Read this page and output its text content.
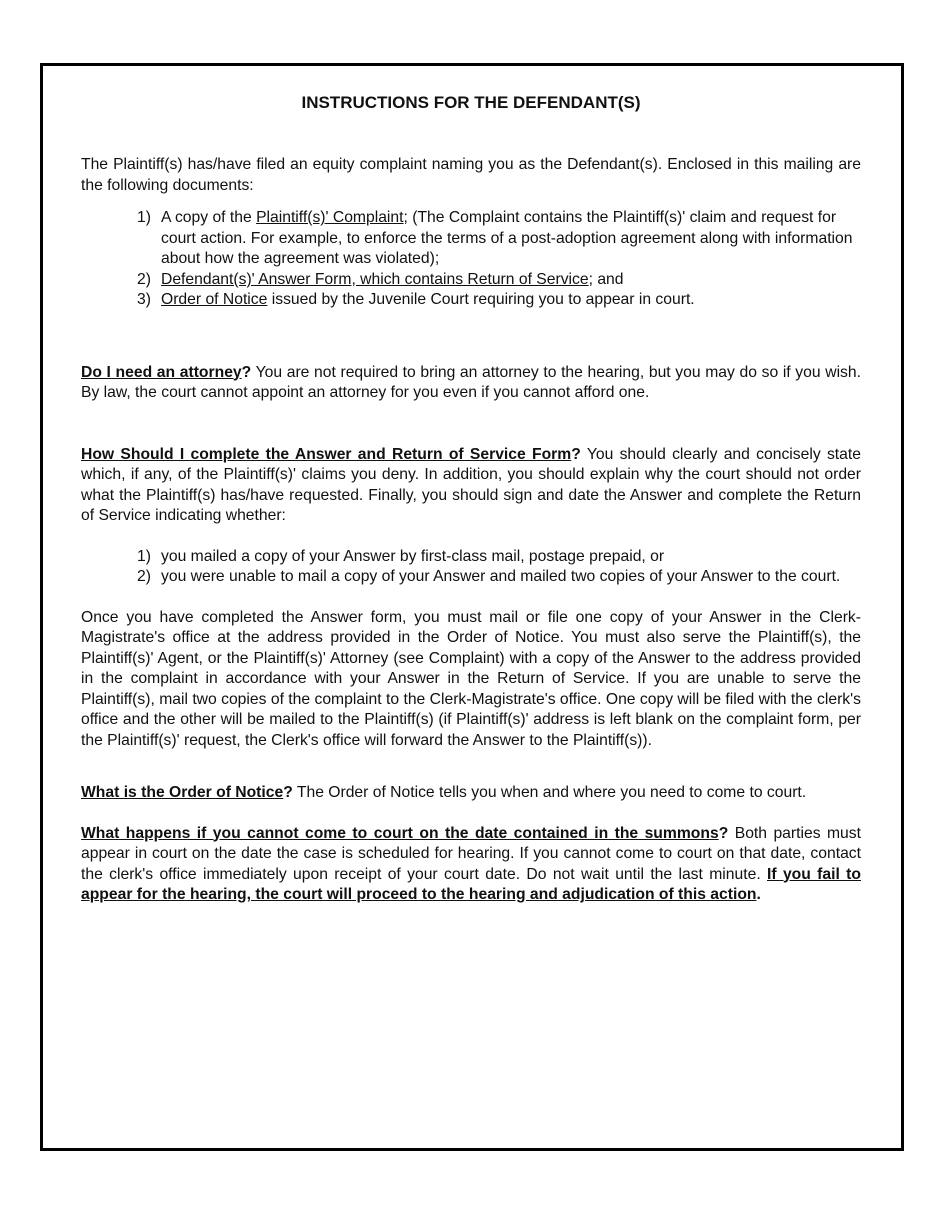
INSTRUCTIONS FOR THE DEFENDANT(S)

The Plaintiff(s) has/have filed an equity complaint naming you as the Defendant(s). Enclosed in this mailing are the following documents:

1) A copy of the Plaintiff(s)' Complaint; (The Complaint contains the Plaintiff(s)' claim and request for court action. For example, to enforce the terms of a post-adoption agreement along with information about how the agreement was violated);
2) Defendant(s)' Answer Form, which contains Return of Service; and
3) Order of Notice issued by the Juvenile Court requiring you to appear in court.

Do I need an attorney? You are not required to bring an attorney to the hearing, but you may do so if you wish. By law, the court cannot appoint an attorney for you even if you cannot afford one.

How Should I complete the Answer and Return of Service Form? You should clearly and concisely state which, if any, of the Plaintiff(s)' claims you deny. In addition, you should explain why the court should not order what the Plaintiff(s) has/have requested. Finally, you should sign and date the Answer and complete the Return of Service indicating whether:

1) you mailed a copy of your Answer by first-class mail, postage prepaid, or
2) you were unable to mail a copy of your Answer and mailed two copies of your Answer to the court.

Once you have completed the Answer form, you must mail or file one copy of your Answer in the Clerk-Magistrate's office at the address provided in the Order of Notice. You must also serve the Plaintiff(s), the Plaintiff(s)' Agent, or the Plaintiff(s)' Attorney (see Complaint) with a copy of the Answer to the address provided in the complaint in accordance with your Answer in the Return of Service. If you are unable to serve the Plaintiff(s), mail two copies of the complaint to the Clerk-Magistrate's office. One copy will be filed with the clerk's office and the other will be mailed to the Plaintiff(s) (if Plaintiff(s)' address is left blank on the complaint form, per the Plaintiff(s)' request, the Clerk's office will forward the Answer to the Plaintiff(s)).

What is the Order of Notice? The Order of Notice tells you when and where you need to come to court.

What happens if you cannot come to court on the date contained in the summons? Both parties must appear in court on the date the case is scheduled for hearing. If you cannot come to court on that date, contact the clerk's office immediately upon receipt of your court date. Do not wait until the last minute. If you fail to appear for the hearing, the court will proceed to the hearing and adjudication of this action.
